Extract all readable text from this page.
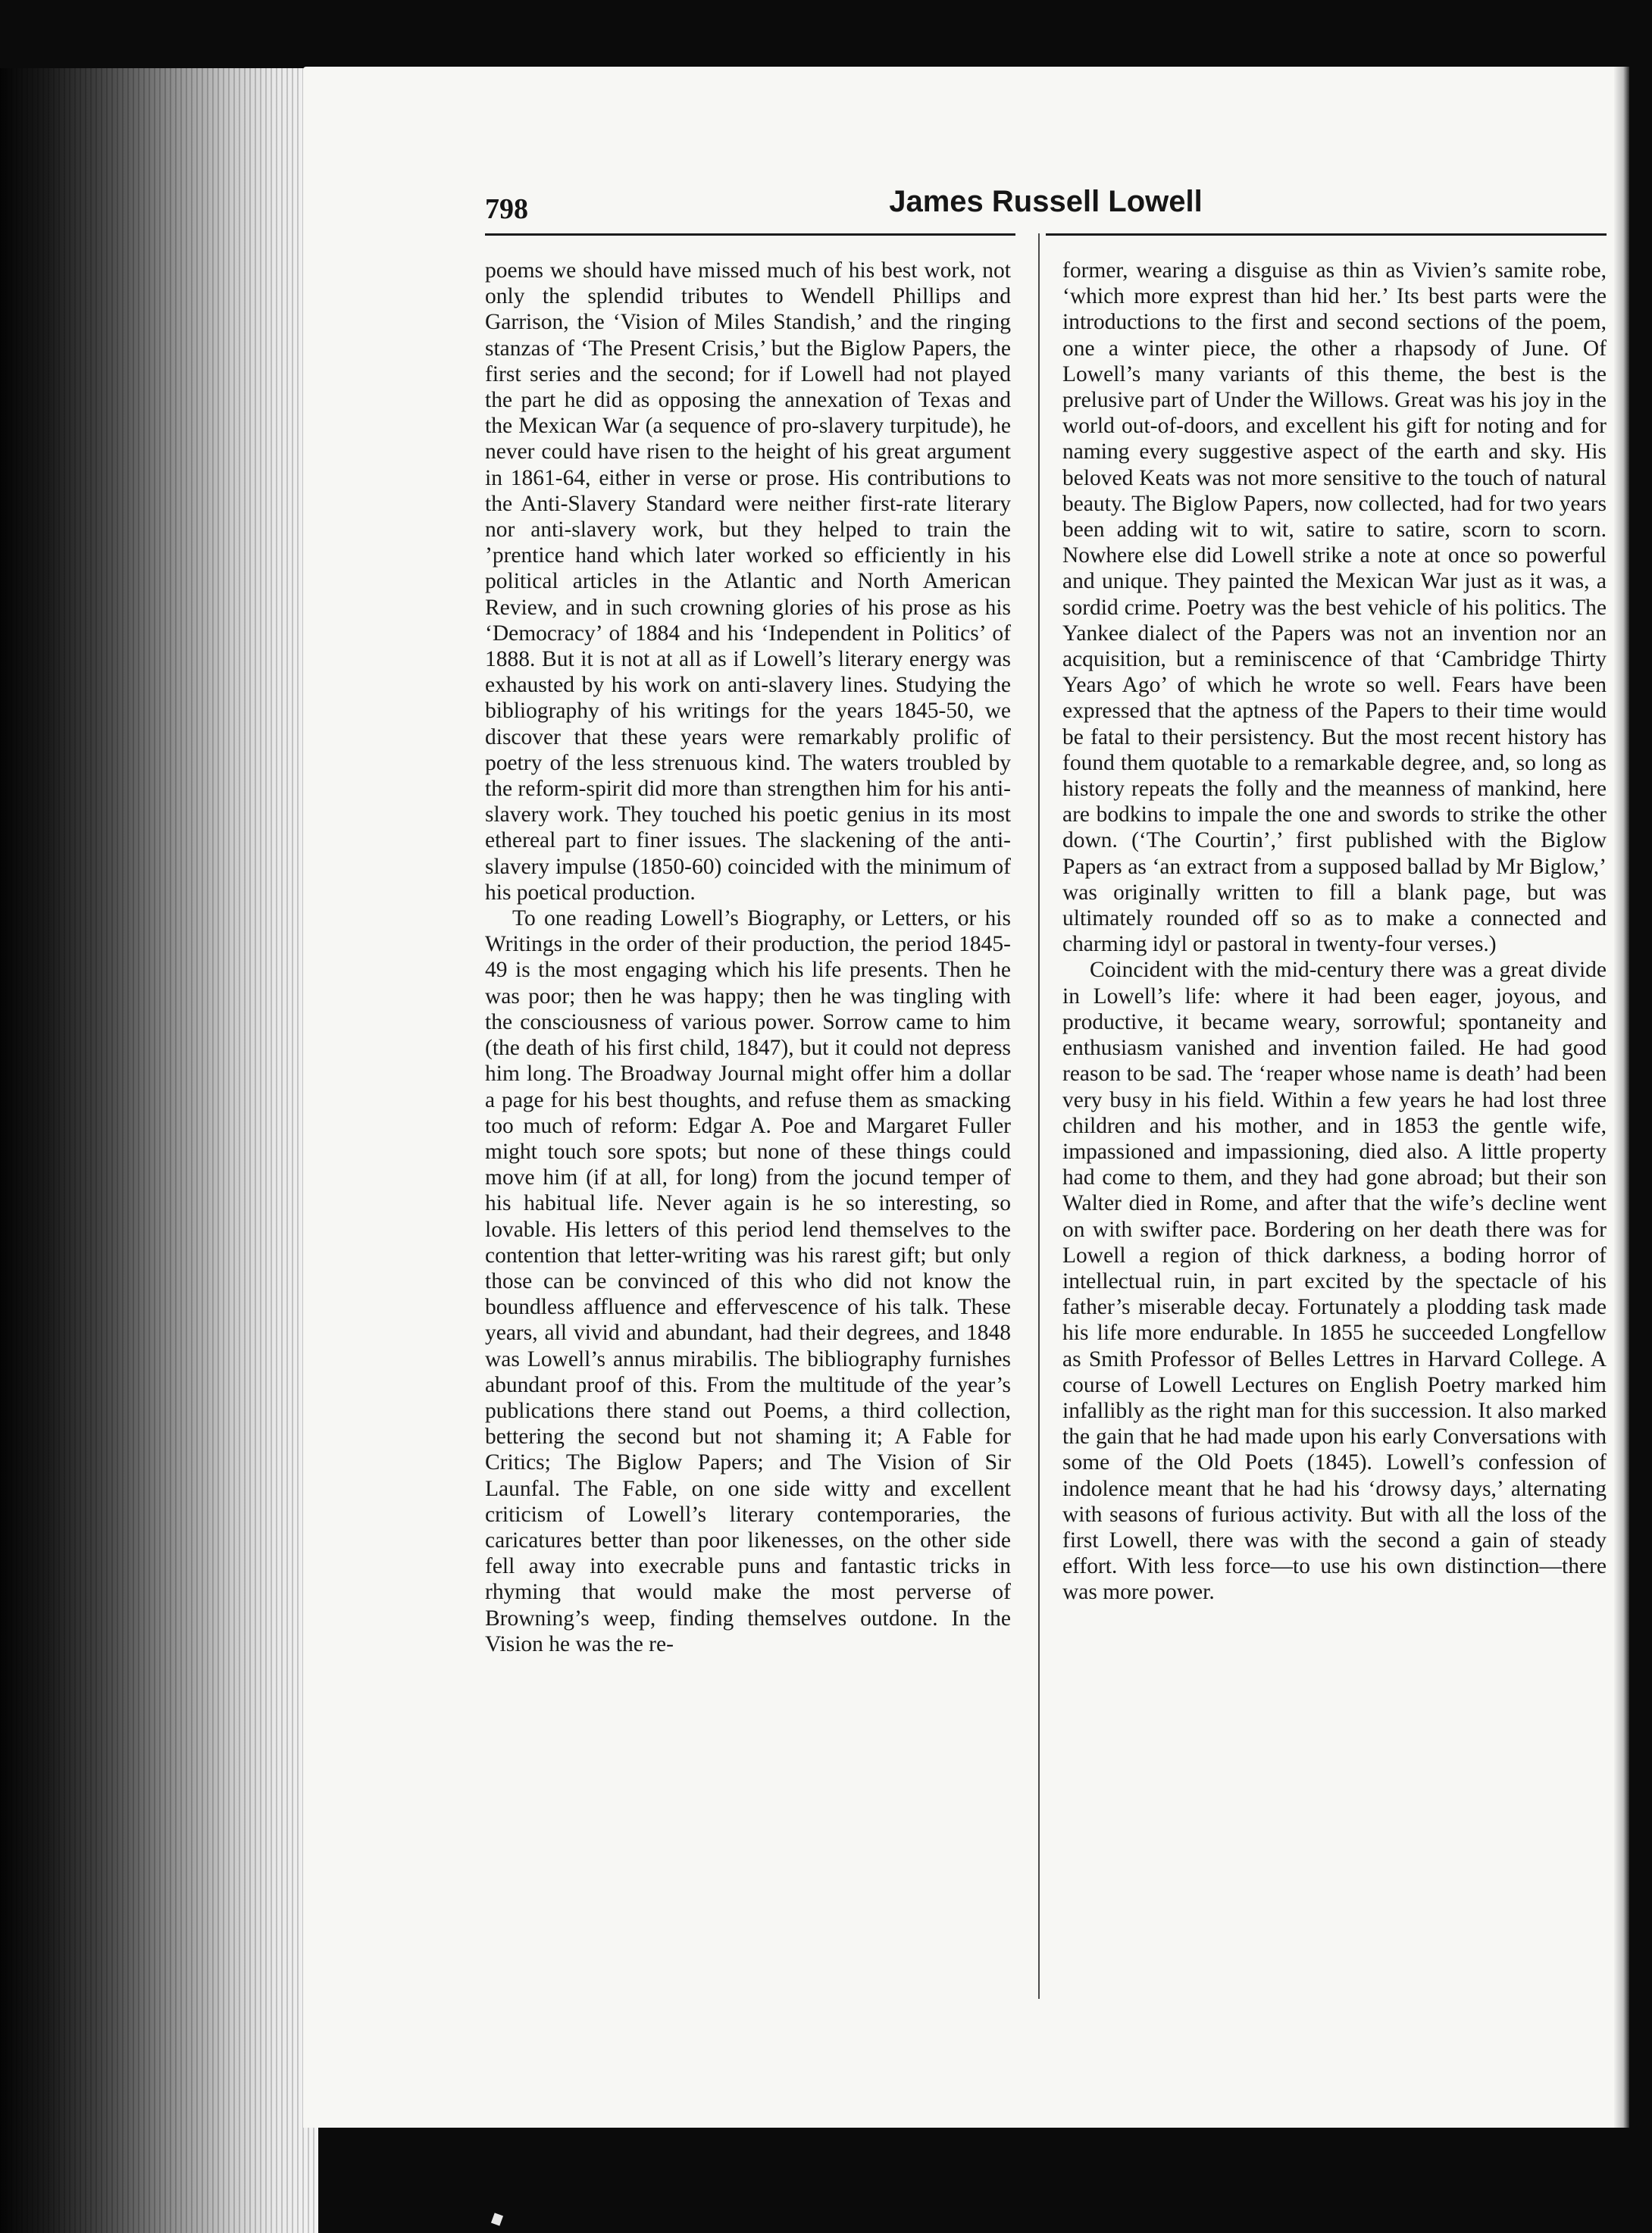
798	James Russell Lowell

poems we should have missed much of his best work, not only the splendid tributes to Wendell Phillips and Garrison, the ‘Vision of Miles Standish,’ and the ringing stanzas of ‘The Present Crisis,’ but the Biglow Papers, the first series and the second; for if Lowell had not played the part he did as opposing the annexation of Texas and the Mexican War (a sequence of pro-slavery turpitude), he never could have risen to the height of his great argument in 1861-64, either in verse or prose. His contributions to the Anti-Slavery Standard were neither first-rate literary nor anti-slavery work, but they helped to train the ’prentice hand which later worked so efficiently in his political articles in the Atlantic and North American Review, and in such crowning glories of his prose as his ‘Democracy’ of 1884 and his ‘Independent in Politics’ of 1888. But it is not at all as if Lowell’s literary energy was exhausted by his work on anti-slavery lines. Studying the bibliography of his writings for the years 1845-50, we discover that these years were remarkably prolific of poetry of the less strenuous kind. The waters troubled by the reform-spirit did more than strengthen him for his anti-slavery work. They touched his poetic genius in its most ethereal part to finer issues. The slackening of the anti-slavery impulse (1850-60) coincided with the minimum of his poetical production.

To one reading Lowell’s Biography, or Letters, or his Writings in the order of their production, the period 1845-49 is the most engaging which his life presents. Then he was poor; then he was happy; then he was tingling with the consciousness of various power. Sorrow came to him (the death of his first child, 1847), but it could not depress him long. The Broadway Journal might offer him a dollar a page for his best thoughts, and refuse them as smacking too much of reform: Edgar A. Poe and Margaret Fuller might touch sore spots; but none of these things could move him (if at all, for long) from the jocund temper of his habitual life. Never again is he so interesting, so lovable. His letters of this period lend themselves to the contention that letter-writing was his rarest gift; but only those can be convinced of this who did not know the boundless affluence and effervescence of his talk. These years, all vivid and abundant, had their degrees, and 1848 was Lowell’s annus mirabilis. The bibliography furnishes abundant proof of this. From the multitude of the year’s publications there stand out Poems, a third collection, bettering the second but not shaming it; A Fable for Critics; The Biglow Papers; and The Vision of Sir Launfal. The Fable, on one side witty and excellent criticism of Lowell’s literary contemporaries, the caricatures better than poor likenesses, on the other side fell away into execrable puns and fantastic tricks in rhyming that would make the most perverse of Browning’s weep, finding themselves outdone. In the Vision he was the re-

former, wearing a disguise as thin as Vivien’s samite robe, ‘which more exprest than hid her.’ Its best parts were the introductions to the first and second sections of the poem, one a winter piece, the other a rhapsody of June. Of Lowell’s many variants of this theme, the best is the prelusive part of Under the Willows. Great was his joy in the world out-of-doors, and excellent his gift for noting and for naming every suggestive aspect of the earth and sky. His beloved Keats was not more sensitive to the touch of natural beauty. The Biglow Papers, now collected, had for two years been adding wit to wit, satire to satire, scorn to scorn. Nowhere else did Lowell strike a note at once so powerful and unique. They painted the Mexican War just as it was, a sordid crime. Poetry was the best vehicle of his politics. The Yankee dialect of the Papers was not an invention nor an acquisition, but a reminiscence of that ‘Cambridge Thirty Years Ago’ of which he wrote so well. Fears have been expressed that the aptness of the Papers to their time would be fatal to their persistency. But the most recent history has found them quotable to a remarkable degree, and, so long as history repeats the folly and the meanness of mankind, here are bodkins to impale the one and swords to strike the other down. (‘The Courtin’,’ first published with the Biglow Papers as ‘an extract from a supposed ballad by Mr Biglow,’ was originally written to fill a blank page, but was ultimately rounded off so as to make a connected and charming idyl or pastoral in twenty-four verses.)

Coincident with the mid-century there was a great divide in Lowell’s life: where it had been eager, joyous, and productive, it became weary, sorrowful; spontaneity and enthusiasm vanished and invention failed. He had good reason to be sad. The ‘reaper whose name is death’ had been very busy in his field. Within a few years he had lost three children and his mother, and in 1853 the gentle wife, impassioned and impassioning, died also. A little property had come to them, and they had gone abroad; but their son Walter died in Rome, and after that the wife’s decline went on with swifter pace. Bordering on her death there was for Lowell a region of thick darkness, a boding horror of intellectual ruin, in part excited by the spectacle of his father’s miserable decay. Fortunately a plodding task made his life more endurable. In 1855 he succeeded Longfellow as Smith Professor of Belles Lettres in Harvard College. A course of Lowell Lectures on English Poetry marked him infallibly as the right man for this succession. It also marked the gain that he had made upon his early Conversations with some of the Old Poets (1845). Lowell’s confession of indolence meant that he had his ‘drowsy days,’ alternating with seasons of furious activity. But with all the loss of the first Lowell, there was with the second a gain of steady effort. With less force—to use his own distinction—there was more power.
